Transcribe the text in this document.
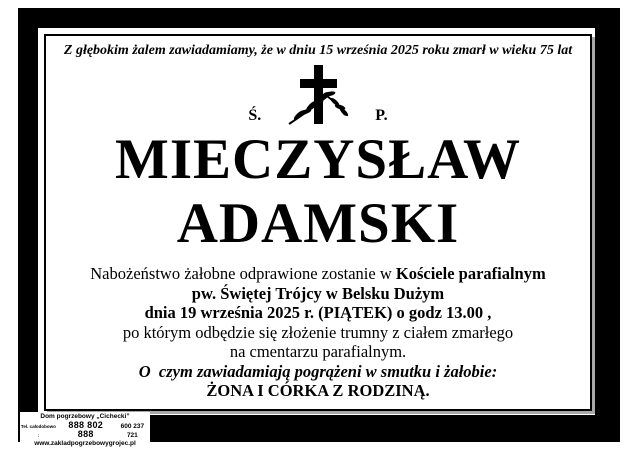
Z głębokim żalem zawiadamiamy, że w dniu 15 września 2025 roku zmarł w wieku 75 lat
Ś.	P.
MIECZYSŁAW
ADAMSKI
Nabożeństwo żałobne odprawione zostanie w Kościele parafialnym
pw. Świętej Trójcy w Belsku Dużym
dnia 19 września 2025 r. (PIĄTEK) o godz 13.00 ,
po którym odbędzie się złożenie trumny z ciałem zmarłego
na cmentarzu parafialnym.
O  czym zawiadamiają pogrążeni w smutku i żałobie:
ŻONA I CÓRKA Z RODZINĄ.
Dom pogrzebowy „Cichecki”
Tel. całodobowo :
888 802 888
600 237 721
www.zakladpogrzebowygrojec.pl
